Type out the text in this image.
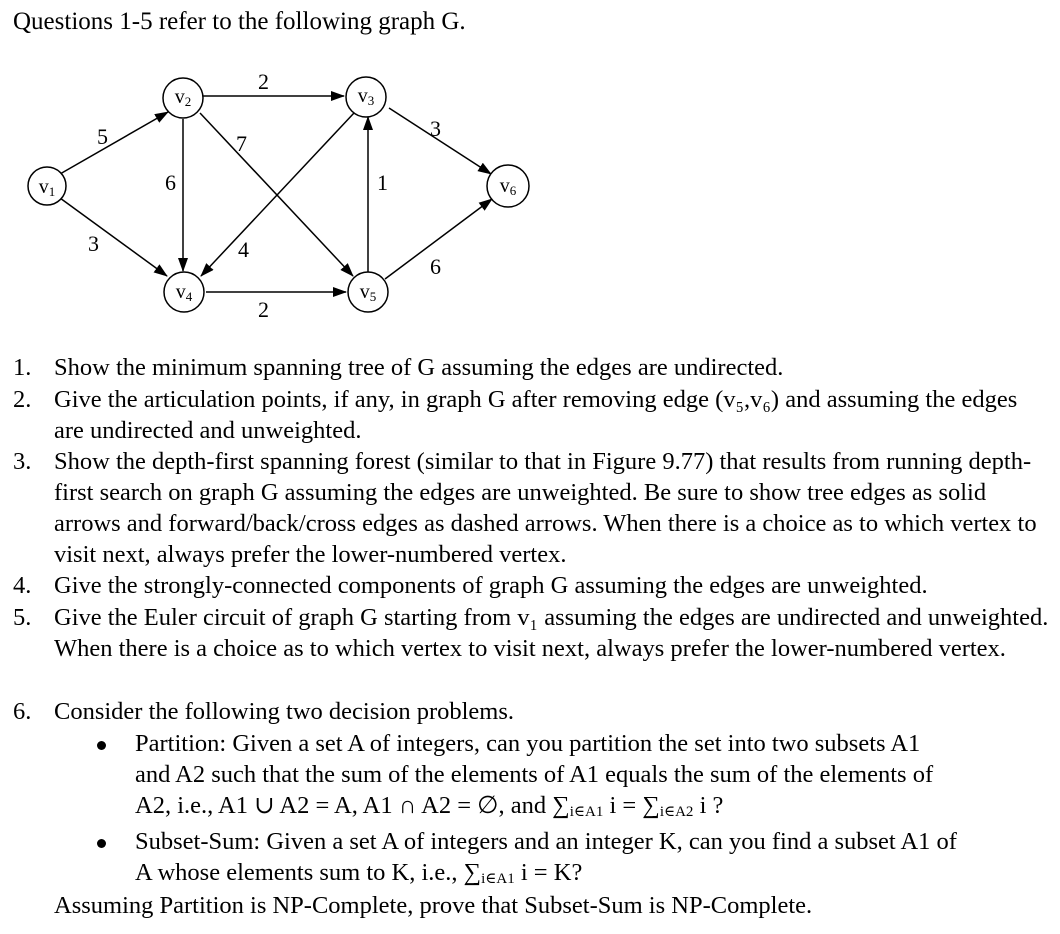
Questions 1-5 refer to the following graph G.
5
3
2
6
7
4
2
1
3
6
v1
v2	v3
v4	v5
v6
1. Show the minimum spanning tree of G assuming the edges are undirected.
2. Give the articulation points, if any, in graph G after removing edge (v₅,v₆) and assuming the edges are undirected and unweighted.
3. Show the depth-first spanning forest (similar to that in Figure 9.77) that results from running depth-first search on graph G assuming the edges are unweighted. Be sure to show tree edges as solid arrows and forward/back/cross edges as dashed arrows. When there is a choice as to which vertex to visit next, always prefer the lower-numbered vertex.
4. Give the strongly-connected components of graph G assuming the edges are unweighted.
5. Give the Euler circuit of graph G starting from v₁ assuming the edges are undirected and unweighted. When there is a choice as to which vertex to visit next, always prefer the lower-numbered vertex.
6. Consider the following two decision problems.
Partition: Given a set A of integers, can you partition the set into two subsets A1
and A2 such that the sum of the elements of A1 equals the sum of the elements of
A2, i.e., A1 ∪ A2 = A, A1 ∩ A2 = ∅, and $\sum_{i\in A1}$ $i = \sum_{i\in A2}$ i ?
Subset-Sum: Given a set A of integers and an integer K, can you find a subset A1 of
A whose elements sum to K, i.e., $\sum_{i\in A1}$ i = K?
Assuming Partition is NP-Complete, prove that Subset-Sum is NP-Complete.
